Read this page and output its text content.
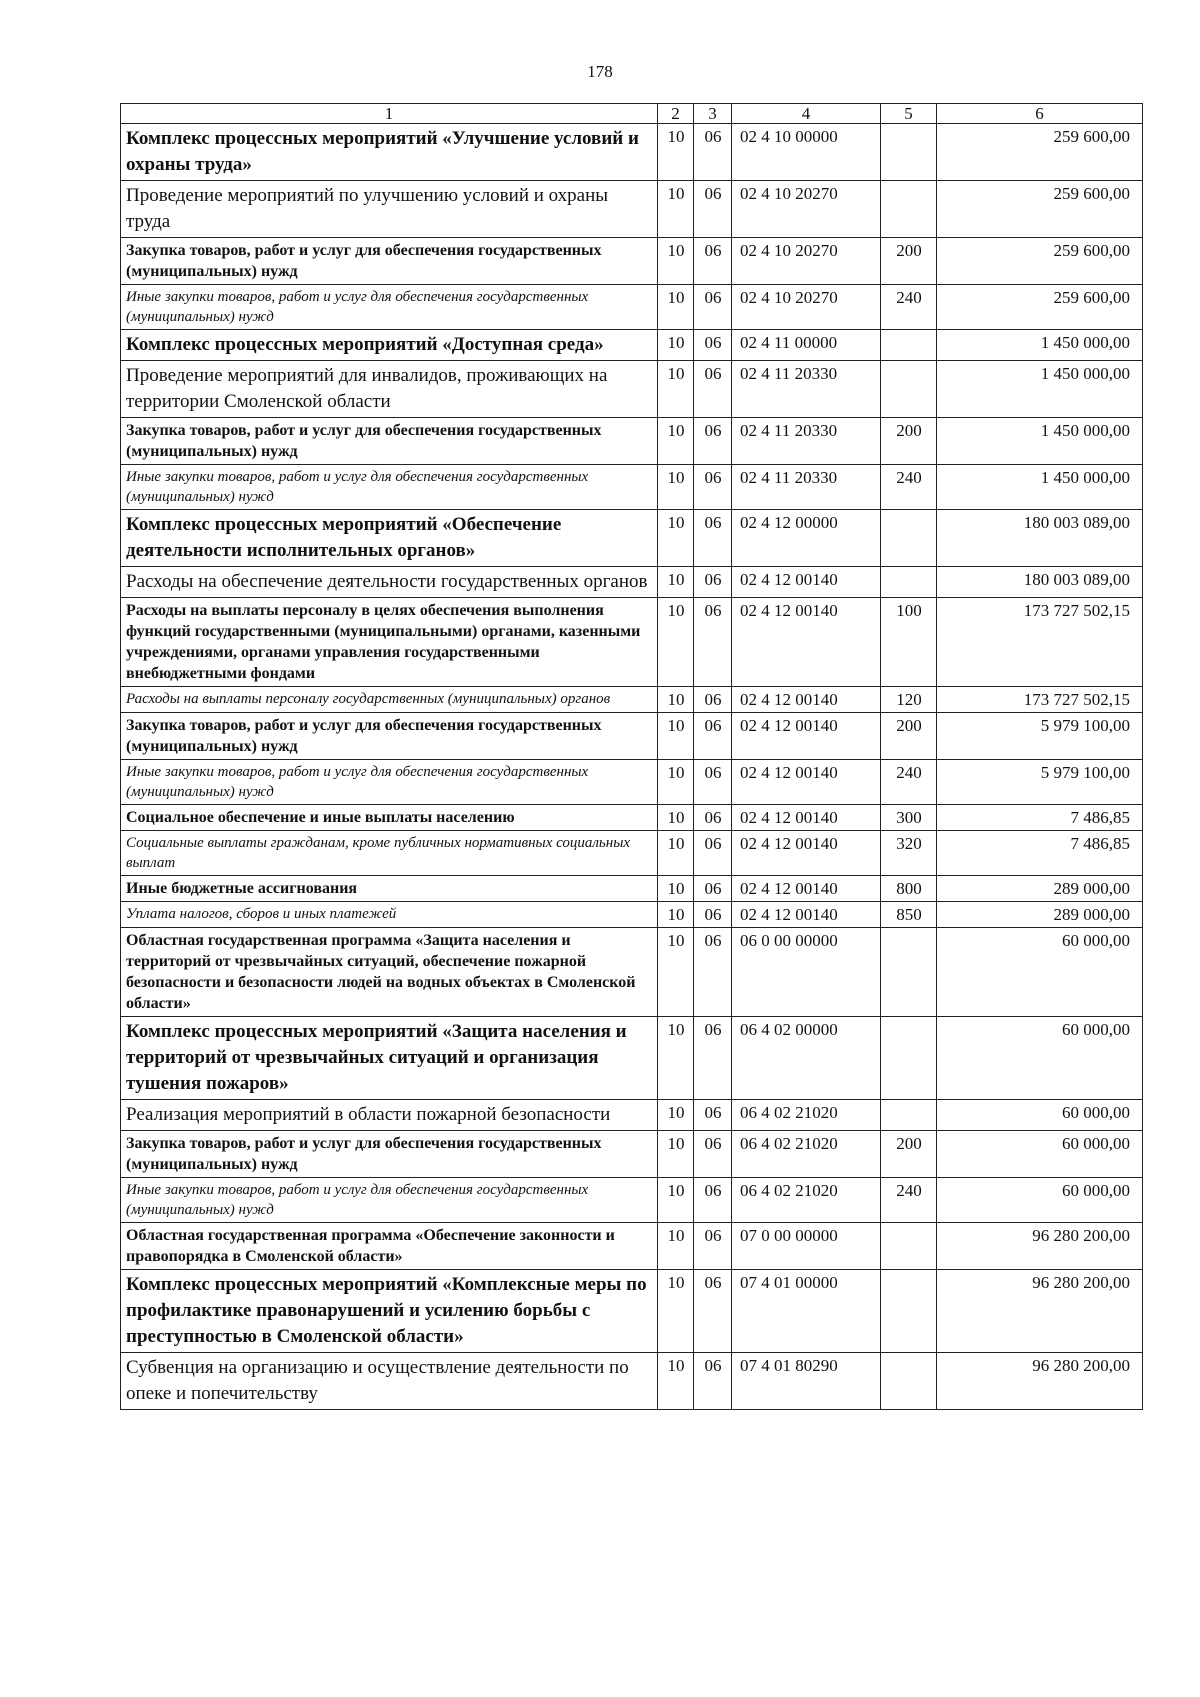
178
1	2	3	4	5	6
Комплекс процессных мероприятий «Улучшение условий и охраны труда»	10	06	02 4 10 00000		259 600,00
Проведение мероприятий по улучшению условий и охраны труда	10	06	02 4 10 20270		259 600,00
Закупка товаров, работ и услуг для обеспечения государственных (муниципальных) нужд	10	06	02 4 10 20270	200	259 600,00
Иные закупки товаров, работ и услуг для обеспечения государственных (муниципальных) нужд	10	06	02 4 10 20270	240	259 600,00
Комплекс процессных мероприятий «Доступная среда»	10	06	02 4 11 00000		1 450 000,00
Проведение мероприятий для инвалидов, проживающих на территории Смоленской области	10	06	02 4 11 20330		1 450 000,00
Закупка товаров, работ и услуг для обеспечения государственных (муниципальных) нужд	10	06	02 4 11 20330	200	1 450 000,00
Иные закупки товаров, работ и услуг для обеспечения государственных (муниципальных) нужд	10	06	02 4 11 20330	240	1 450 000,00
Комплекс процессных мероприятий «Обеспечение деятельности исполнительных органов»	10	06	02 4 12 00000		180 003 089,00
Расходы на обеспечение деятельности государственных органов	10	06	02 4 12 00140		180 003 089,00
Расходы на выплаты персоналу в целях обеспечения выполнения функций государственными (муниципальными) органами, казенными учреждениями, органами управления государственными внебюджетными фондами	10	06	02 4 12 00140	100	173 727 502,15
Расходы на выплаты персоналу государственных (муниципальных) органов	10	06	02 4 12 00140	120	173 727 502,15
Закупка товаров, работ и услуг для обеспечения государственных (муниципальных) нужд	10	06	02 4 12 00140	200	5 979 100,00
Иные закупки товаров, работ и услуг для обеспечения государственных (муниципальных) нужд	10	06	02 4 12 00140	240	5 979 100,00
Социальное обеспечение и иные выплаты населению	10	06	02 4 12 00140	300	7 486,85
Социальные выплаты гражданам, кроме публичных нормативных социальных выплат	10	06	02 4 12 00140	320	7 486,85
Иные бюджетные ассигнования	10	06	02 4 12 00140	800	289 000,00
Уплата налогов, сборов и иных платежей	10	06	02 4 12 00140	850	289 000,00
Областная государственная программа «Защита населения и территорий от чрезвычайных ситуаций, обеспечение пожарной безопасности и безопасности людей на водных объектах в Смоленской области»	10	06	06 0 00 00000		60 000,00
Комплекс процессных мероприятий «Защита населения и территорий от чрезвычайных ситуаций и организация тушения пожаров»	10	06	06 4 02 00000		60 000,00
Реализация мероприятий в области пожарной безопасности	10	06	06 4 02 21020		60 000,00
Закупка товаров, работ и услуг для обеспечения государственных (муниципальных) нужд	10	06	06 4 02 21020	200	60 000,00
Иные закупки товаров, работ и услуг для обеспечения государственных (муниципальных) нужд	10	06	06 4 02 21020	240	60 000,00
Областная государственная программа «Обеспечение законности и правопорядка в Смоленской области»	10	06	07 0 00 00000		96 280 200,00
Комплекс процессных мероприятий «Комплексные меры по профилактике правонарушений и усилению борьбы с преступностью в Смоленской области»	10	06	07 4 01 00000		96 280 200,00
Субвенция на организацию и осуществление деятельности по опеке и попечительству	10	06	07 4 01 80290		96 280 200,00
